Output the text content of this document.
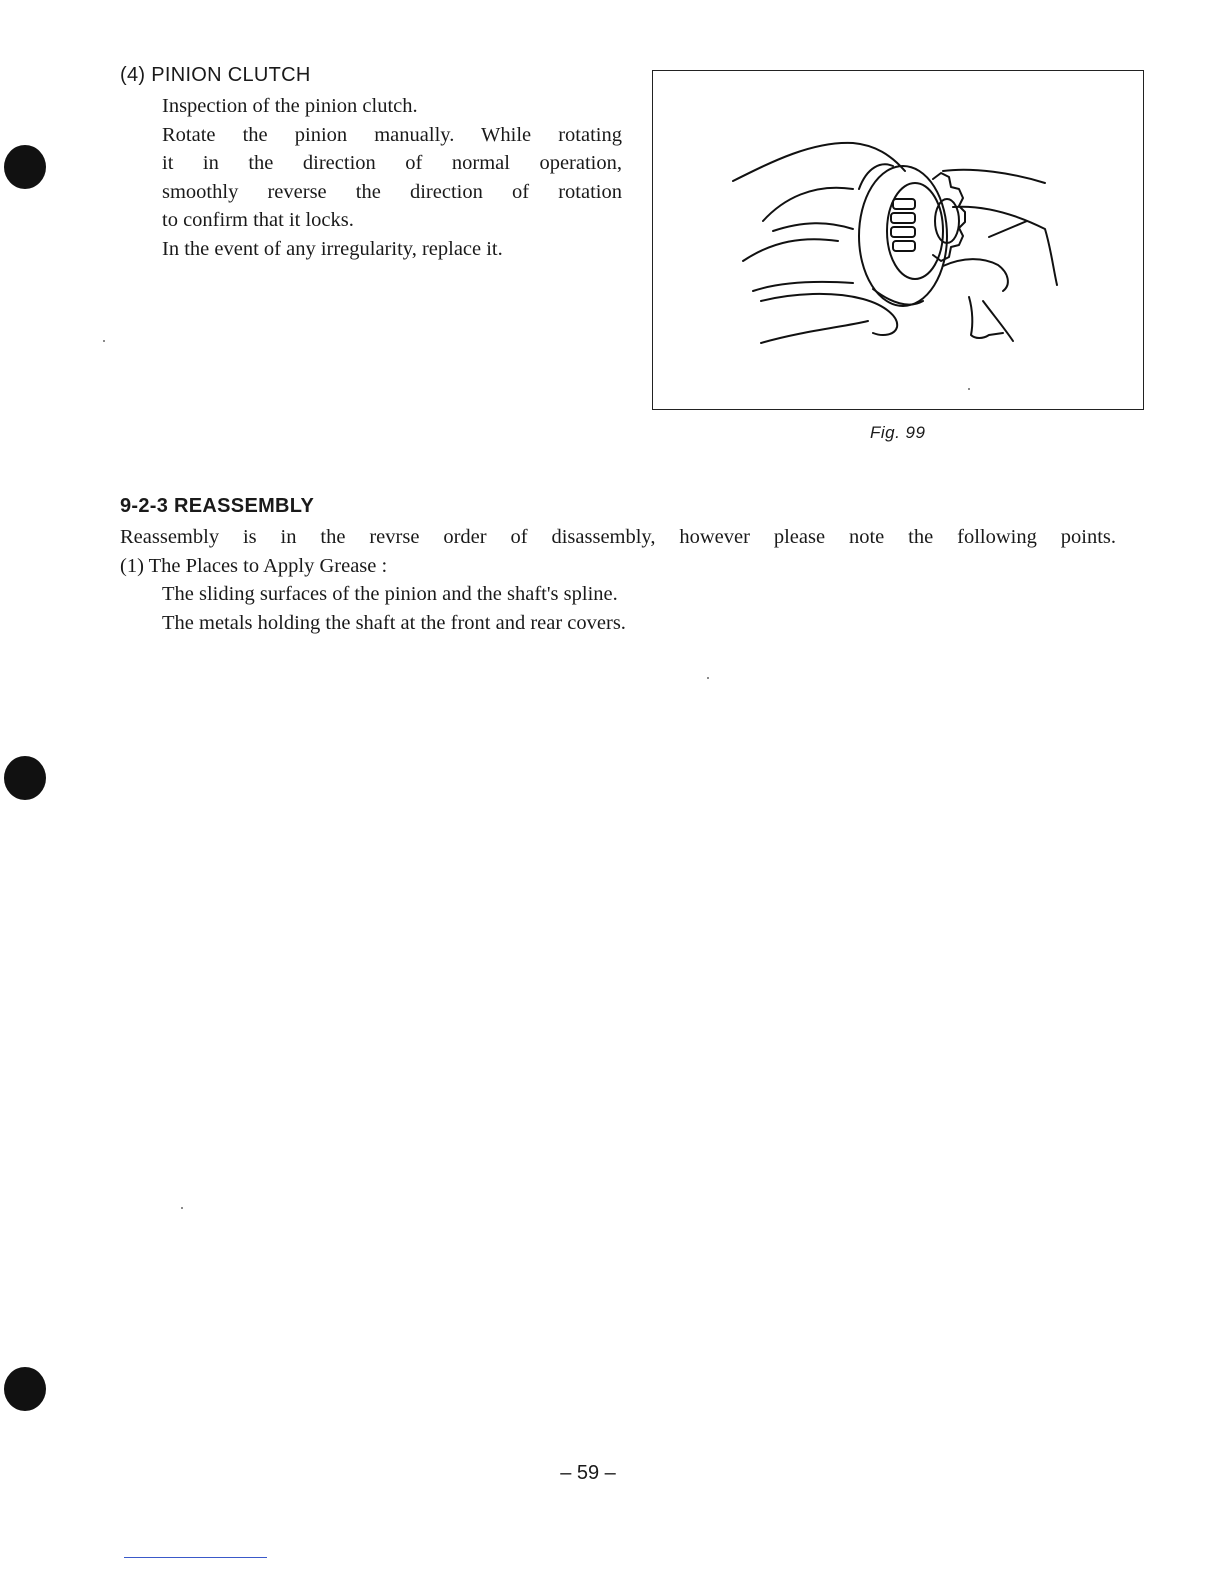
(4) PINION CLUTCH
Inspection of the pinion clutch.
Rotate the pinion manually. While rotating
it in the direction of normal operation,
smoothly reverse the direction of rotation
to confirm that it locks.
In the event of any irregularity, replace it.
Fig. 99
9-2-3 REASSEMBLY
Reassembly is in the revrse order of disassembly, however please note the following points.
(1) The Places to Apply Grease :
The sliding surfaces of the pinion and the shaft's spline.
The metals holding the shaft at the front and rear covers.
– 59 –
